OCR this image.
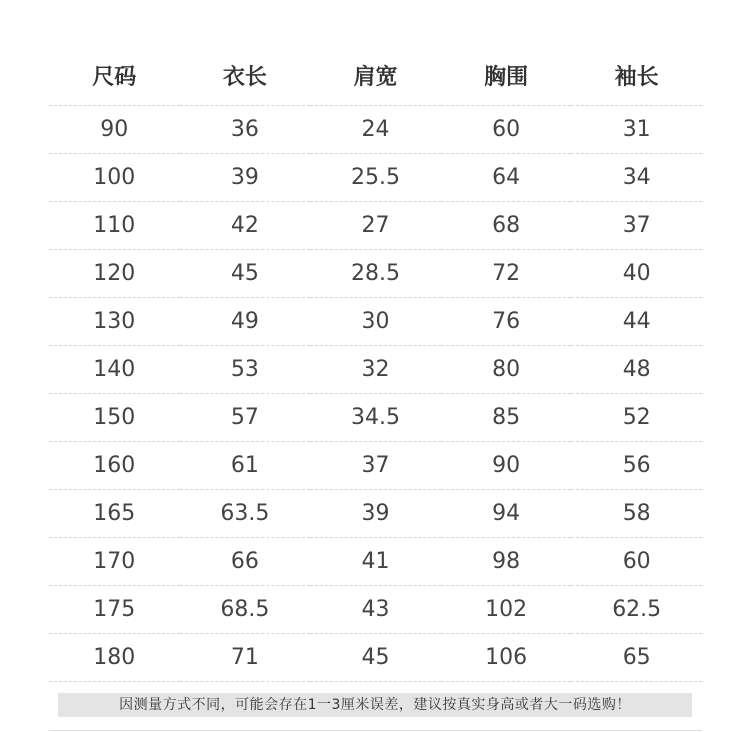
尺码	衣长	肩宽	胸围	袖长
90	36	24	60	31
100	39	25.5	64	34
110	42	27	68	37
120	45	28.5	72	40
130	49	30	76	44
140	53	32	80	48
150	57	34.5	85	52
160	61	37	90	56
165	63.5	39	94	58
170	66	41	98	60
175	68.5	43	102	62.5
180	71	45	106	65
因测量方式不同，可能会存在1一3厘米误差，建议按真实身高或者大一码选购！
